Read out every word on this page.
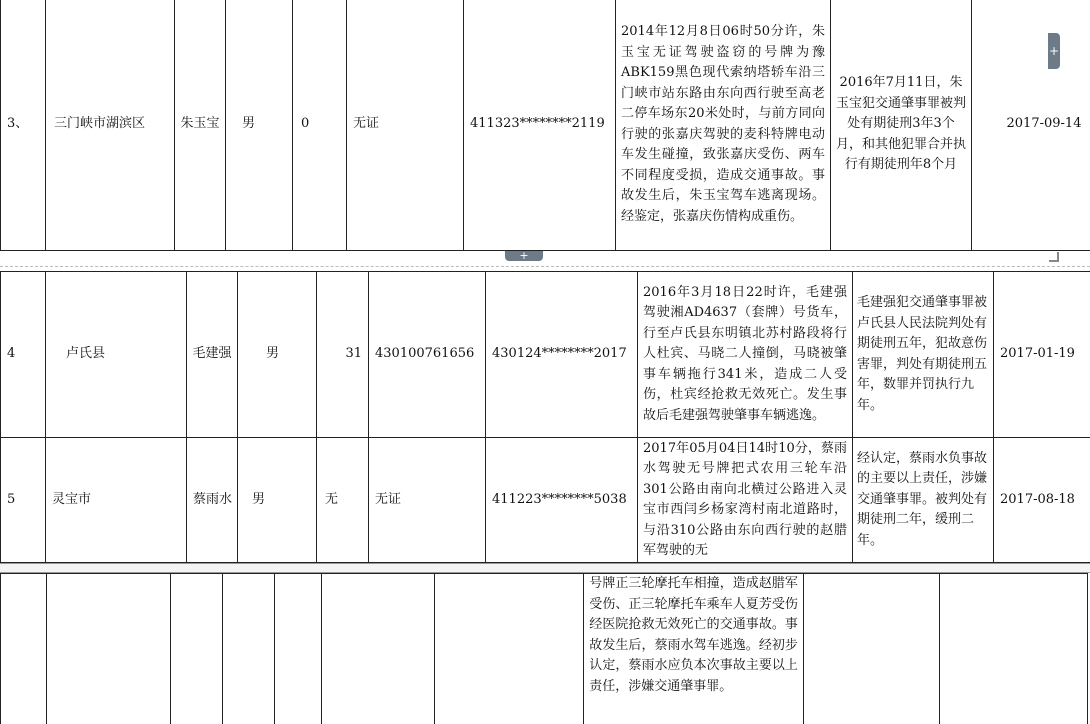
3、	三门峡市湖滨区	朱玉宝	男	0	无证	411323********2119	2014年12月8日06时50分许，朱玉宝无证驾驶盗窃的号牌为豫ABK159黑色现代索纳塔轿车沿三门峡市站东路由东向西行驶至高老二停车场东20米处时，与前方同向行驶的张嘉庆驾驶的麦科特牌电动车发生碰撞，致张嘉庆受伤、两车不同程度受损，造成交通事故。事故发生后，朱玉宝驾车逃离现场。经鉴定，张嘉庆伤情构成重伤。	2016年7月11日，朱玉宝犯交通肇事罪被判处有期徒刑3年3个月，和其他犯罪合并执行有期徒刑年8个月	2017-09-14
+
+
4	卢氏县	毛建强	男	31	430100761656	430124********2017	2016年3月18日22时许，毛建强驾驶湘AD4637（套牌）号货车，行至卢氏县东明镇北苏村路段将行人杜宾、马晓二人撞倒，马晓被肇事车辆拖行341米，造成二人受伤，杜宾经抢救无效死亡。发生事故后毛建强驾驶肇事车辆逃逸。	毛建强犯交通肇事罪被卢氏县人民法院判处有期徒刑五年，犯故意伤害罪，判处有期徒刑五年，数罪并罚执行九年。	2017-01-19
5	灵宝市	蔡雨水	男	无	无证	411223********5038	2017年05月04日14时10分，蔡雨水驾驶无号牌把式农用三轮车沿301公路由南向北横过公路进入灵宝市西闫乡杨家湾村南北道路时，与沿310公路由东向西行驶的赵腊军驾驶的无	经认定，蔡雨水负事故的主要以上责任，涉嫌交通肇事罪。被判处有期徒刑二年，缓刑二年。	2017-08-18
							号牌正三轮摩托车相撞，造成赵腊军受伤、正三轮摩托车乘车人夏芳受伤经医院抢救无效死亡的交通事故。事故发生后，蔡雨水驾车逃逸。经初步认定，蔡雨水应负本次事故主要以上责任，涉嫌交通肇事罪。		
